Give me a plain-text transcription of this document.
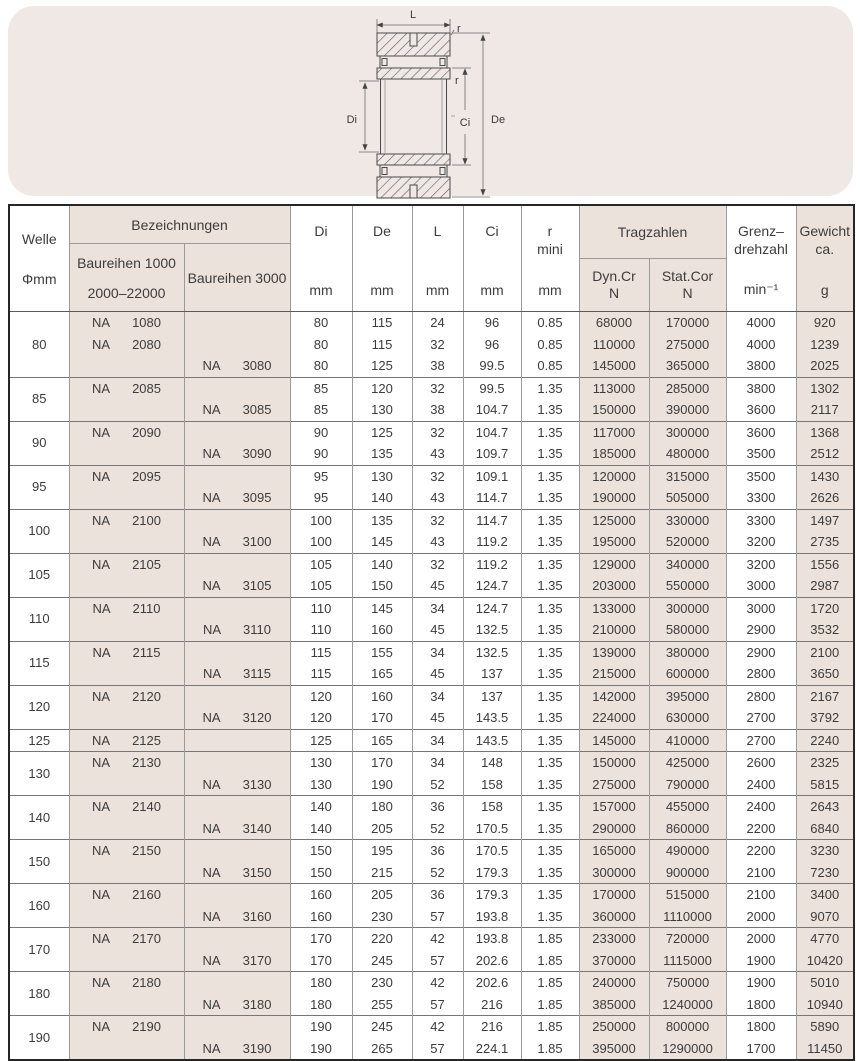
L
r
r
Di	Ci De
Welle
Φmm

Bezeichnungen
Baureihen 1000
2000–22000
Baureihen 3000

Di
mm

De
mm

L
mm

Ci
mm

r
mini
mm

Tragzahlen
Dyn.Cr
N
Stat.Cor
N

Grenz–
drehzahl
min⁻¹

Gewicht
ca.
g

80	NA 1080		80	115	24	96	0.85	68000	170000	4000	920

	NA 2080		80	115	32	96	0.85	110000	275000	4000	1239

		NA 3080	80	125	38	99.5	0.85	145000	365000	3800	2025
85	NA 2085		85	120	32	99.5	1.35	113000	285000	3800	1302

		NA 3085	85	130	38	104.7	1.35	150000	390000	3600	2117
90	NA 2090		90	125	32	104.7	1.35	117000	300000	3600	1368

		NA 3090	90	135	43	109.7	1.35	185000	480000	3500	2512
95	NA 2095		95	130	32	109.1	1.35	120000	315000	3500	1430

		NA 3095	95	140	43	114.7	1.35	190000	505000	3300	2626
100	NA 2100		100	135	32	114.7	1.35	125000	330000	3300	1497

		NA 3100	100	145	43	119.2	1.35	195000	520000	3200	2735
105	NA 2105		105	140	32	119.2	1.35	129000	340000	3200	1556

		NA 3105	105	150	45	124.7	1.35	203000	550000	3000	2987
110	NA 2110		110	145	34	124.7	1.35	133000	300000	3000	1720

		NA 3110	110	160	45	132.5	1.35	210000	580000	2900	3532
115	NA 2115		115	155	34	132.5	1.35	139000	380000	2900	2100

		NA 3115	115	165	45	137	1.35	215000	600000	2800	3650
120	NA 2120		120	160	34	137	1.35	142000	395000	2800	2167

		NA 3120	120	170	45	143.5	1.35	224000	630000	2700	3792
125	NA 2125		125	165	34	143.5	1.35	145000	410000	2700	2240
130	NA 2130		130	170	34	148	1.35	150000	425000	2600	2325

		NA 3130	130	190	52	158	1.35	275000	790000	2400	5815
140	NA 2140		140	180	36	158	1.35	157000	455000	2400	2643

		NA 3140	140	205	52	170.5	1.35	290000	860000	2200	6840
150	NA 2150		150	195	36	170.5	1.35	165000	490000	2200	3230

		NA 3150	150	215	52	179.3	1.35	300000	900000	2100	7230
160	NA 2160		160	205	36	179.3	1.35	170000	515000	2100	3400

		NA 3160	160	230	57	193.8	1.35	360000	1110000	2000	9070
170	NA 2170		170	220	42	193.8	1.85	233000	720000	2000	4770

		NA 3170	170	245	57	202.6	1.85	370000	1115000	1900	10420
180	NA 2180		180	230	42	202.6	1.85	240000	750000	1900	5010

		NA 3180	180	255	57	216	1.85	385000	1240000	1800	10940
190	NA 2190		190	245	42	216	1.85	250000	800000	1800	5890

		NA 3190	190	265	57	224.1	1.85	395000	1290000	1700	11450
